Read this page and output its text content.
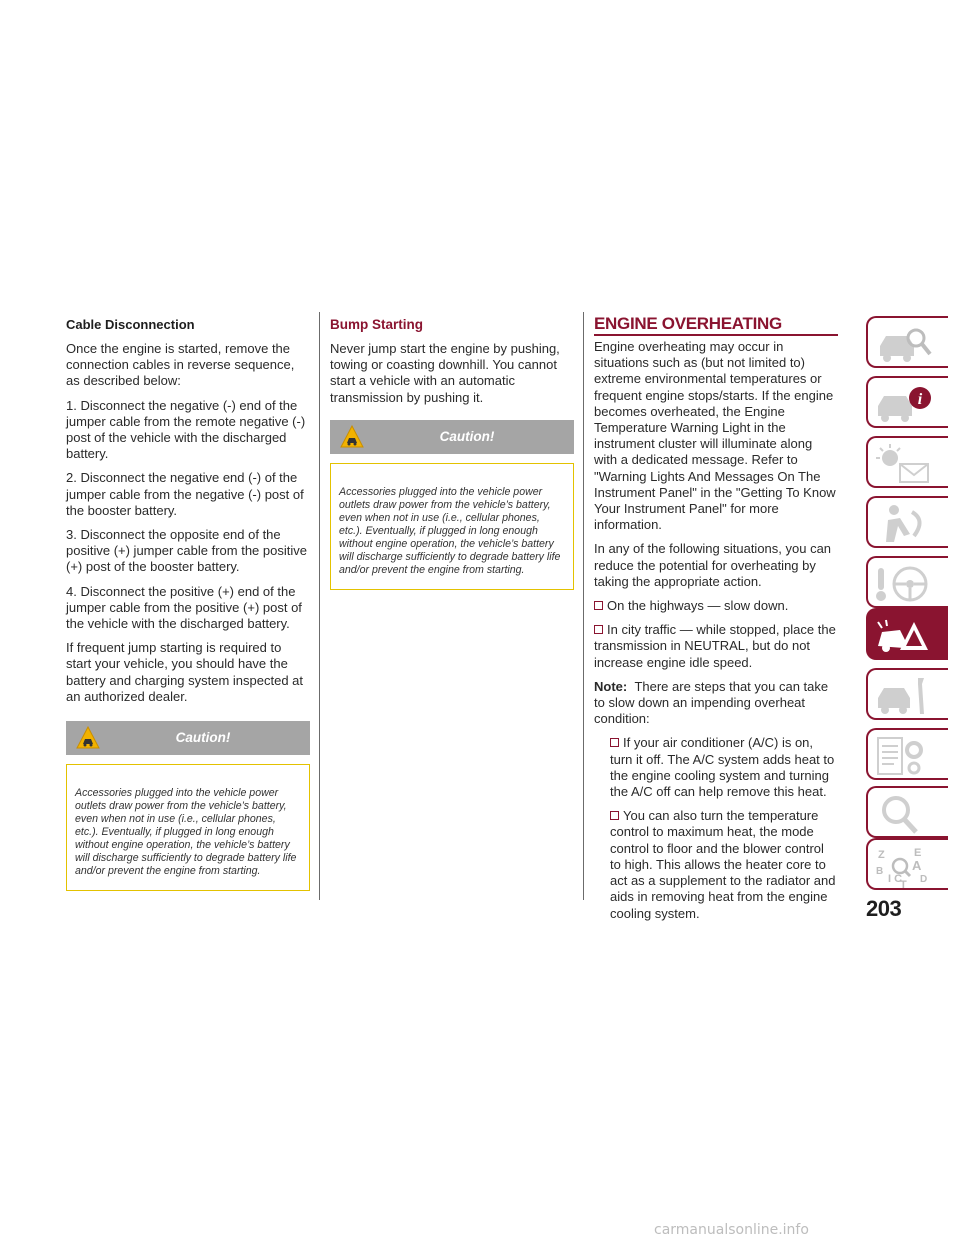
Cable Disconnection

Once the engine is started, remove the connection cables in reverse sequence, as described below:

1. Disconnect the negative (-) end of the jumper cable from the remote negative (-) post of the vehicle with the discharged battery.

2. Disconnect the negative end (-) of the jumper cable from the negative (-) post of the booster battery.

3. Disconnect the opposite end of the positive (+) jumper cable from the positive (+) post of the booster battery.

4. Disconnect the positive (+) end of the jumper cable from the positive (+) post of the vehicle with the discharged battery.

If frequent jump starting is required to start your vehicle, you should have the battery and charging system inspected at an authorized dealer.

Caution!

Accessories plugged into the vehicle power outlets draw power from the vehicle’s battery, even when not in use (i.e., cellular phones, etc.). Eventually, if plugged in long enough without engine operation, the vehicle’s battery will discharge sufficiently to degrade battery life and/or prevent the engine from starting.

Bump Starting

Never jump start the engine by pushing, towing or coasting downhill. You cannot start a vehicle with an automatic transmission by pushing it.

Caution!

Accessories plugged into the vehicle power outlets draw power from the vehicle’s battery, even when not in use (i.e., cellular phones, etc.). Eventually, if plugged in long enough without engine operation, the vehicle’s battery will discharge sufficiently to degrade battery life and/or prevent the engine from starting.

ENGINE OVERHEATING

Engine overheating may occur in situations such as (but not limited to) extreme environmental temperatures or frequent engine stops/starts. If the engine becomes overheated, the Engine Temperature Warning Light in the instrument cluster will illuminate along with a dedicated message. Refer to "Warning Lights And Messages On The Instrument Panel" in the "Getting To Know Your Instrument Panel" for more information.

In any of the following situations, you can reduce the potential for overheating by taking the appropriate action.

On the highways — slow down.

In city traffic — while stopped, place the transmission in NEUTRAL, but do not increase engine idle speed.

Note: There are steps that you can take to slow down an impending overheat condition:

If your air conditioner (A/C) is on, turn it off. The A/C system adds heat to the engine cooling system and turning the A/C off can help remove this heat.

You can also turn the temperature control to maximum heat, the mode control to floor and the blower control to high. This allows the heater core to act as a supplement to the radiator and aids in removing heat from the engine cooling system.

i
Z	E
B A
D
I C
T
203
carmanualsonline.info
